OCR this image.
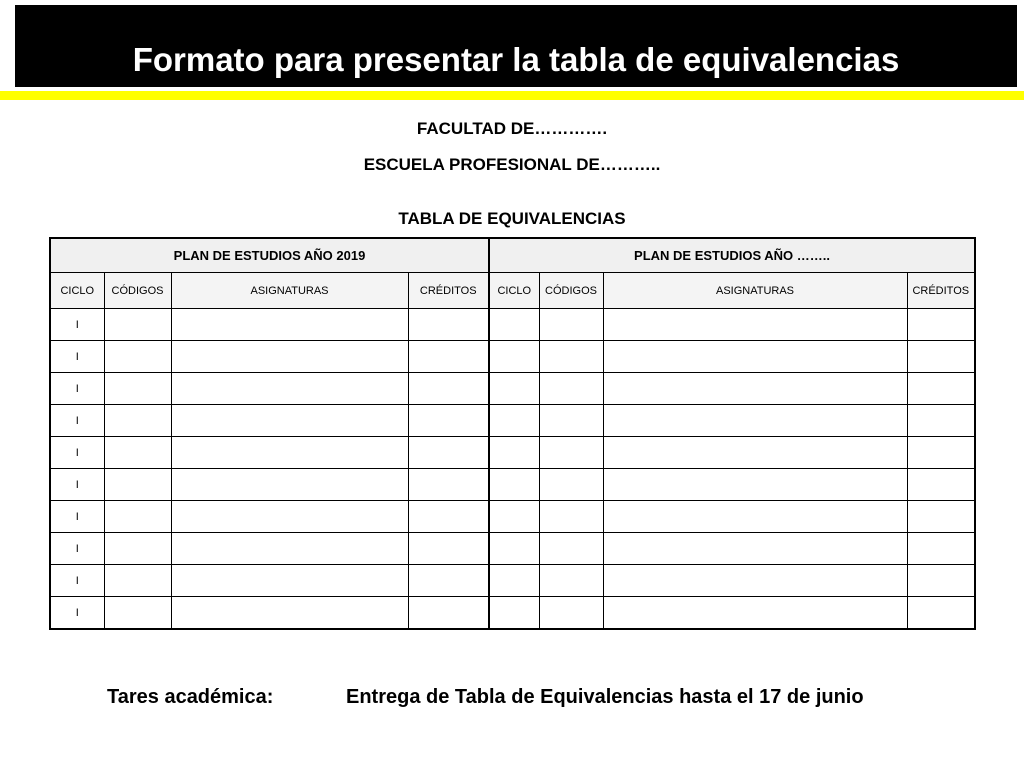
Formato para presentar la tabla de equivalencias
FACULTAD DE………….
ESCUELA PROFESIONAL DE………..
TABLA DE EQUIVALENCIAS
PLAN DE ESTUDIOS AÑO 2019				PLAN DE ESTUDIOS AÑO ……..			
CICLO	CÓDIGOS	ASIGNATURAS	CRÉDITOS	CICLO	CÓDIGOS	ASIGNATURAS	CRÉDITOS
I							
I							
I							
I							
I							
I							
I							
I							
I							
I							
Tares académica:	Entrega de Tabla de Equivalencias hasta el 17 de junio
